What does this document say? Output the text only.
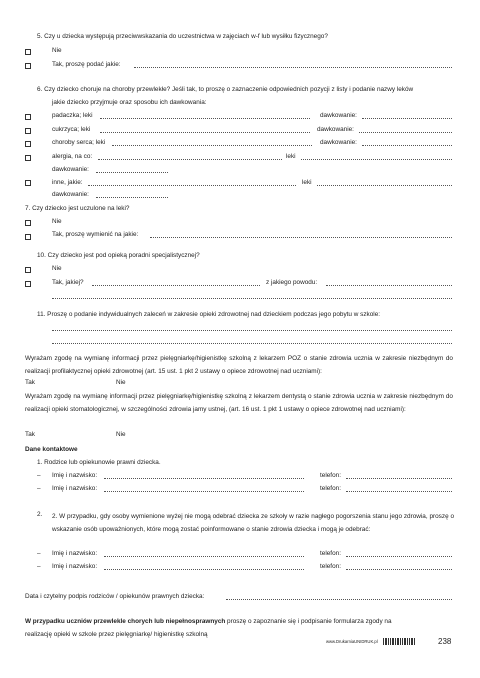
5. Czy u dziecka występują przeciwwskazania do uczestnictwa w zajęciach w-f lub wysiłku fizycznego?
Nie
Tak, proszę podać jakie:
6. Czy dziecko choruje na choroby przewlekłe? Jeśli tak, to proszę o zaznaczenie odpowiednich pozycji z listy i podanie nazwy leków
jakie dziecko przyjmuje oraz sposobu ich dawkowania:
padaczka; leki	dawkowanie:
cukrzyca; leki	dawkowanie:
choroby serca; leki	dawkowanie:
alergia, na co:	leki
dawkowanie:
inne, jakie:	leki
dawkowanie:
7. Czy dziecko jest uczulone na leki?
Nie
Tak, proszę wymienić na jakie:
10. Czy dziecko jest pod opieką poradni specjalistycznej?
Nie
Tak, jakiej?	z jakiego powodu:
11. Proszę o podanie indywidualnych zaleceń w zakresie opieki zdrowotnej nad dzieckiem podczas jego pobytu w szkole:
Wyrażam zgodę na wymianę informacji przez pielęgniarkę/higienistkę szkolną z lekarzem POZ o stanie zdrowia ucznia w zakresie niezbędnym do realizacji profilaktycznej opieki zdrowotnej (art. 15 ust. 1 pkt 2 ustawy o opiece zdrowotnej nad uczniami):
Tak	Nie
Wyrażam zgodę na wymianę informacji przez pielęgniarkę/higienistkę szkolną z lekarzem dentystą o stanie zdrowia ucznia w zakresie niezbędnym do realizacji opieki stomatologicznej, w szczególności zdrowia jamy ustnej, (art. 16 ust. 1 pkt 1 ustawy o opiece zdrowotnej nad uczniami):
Tak	Nie
Dane kontaktowe
1. Rodzice lub opiekunowie prawni dziecka.
– Imię i nazwisko:	telefon:
– Imię i nazwisko:	telefon:
2. 2. W przypadku, gdy osoby wymienione wyżej nie mogą odebrać dziecka ze szkoły w razie nagłego pogorszenia stanu jego zdrowia, proszę o wskazanie osób upoważnionych, które mogą zostać poinformowane o stanie zdrowia dziecka i mogą je odebrać:
– Imię i nazwisko:	telefon:
– Imię i nazwisko:	telefon:
Data i czytelny podpis rodziców / opiekunów prawnych dziecka:
W przypadku uczniów przewlekle chorych lub niepełnosprawnych proszę o zapoznanie się i podpisanie formularza zgody na
realizację opieki w szkole przez pielęgniarkę/ higienistkę szkolną
www.DrukarniaUNIDRUK.pl	238
